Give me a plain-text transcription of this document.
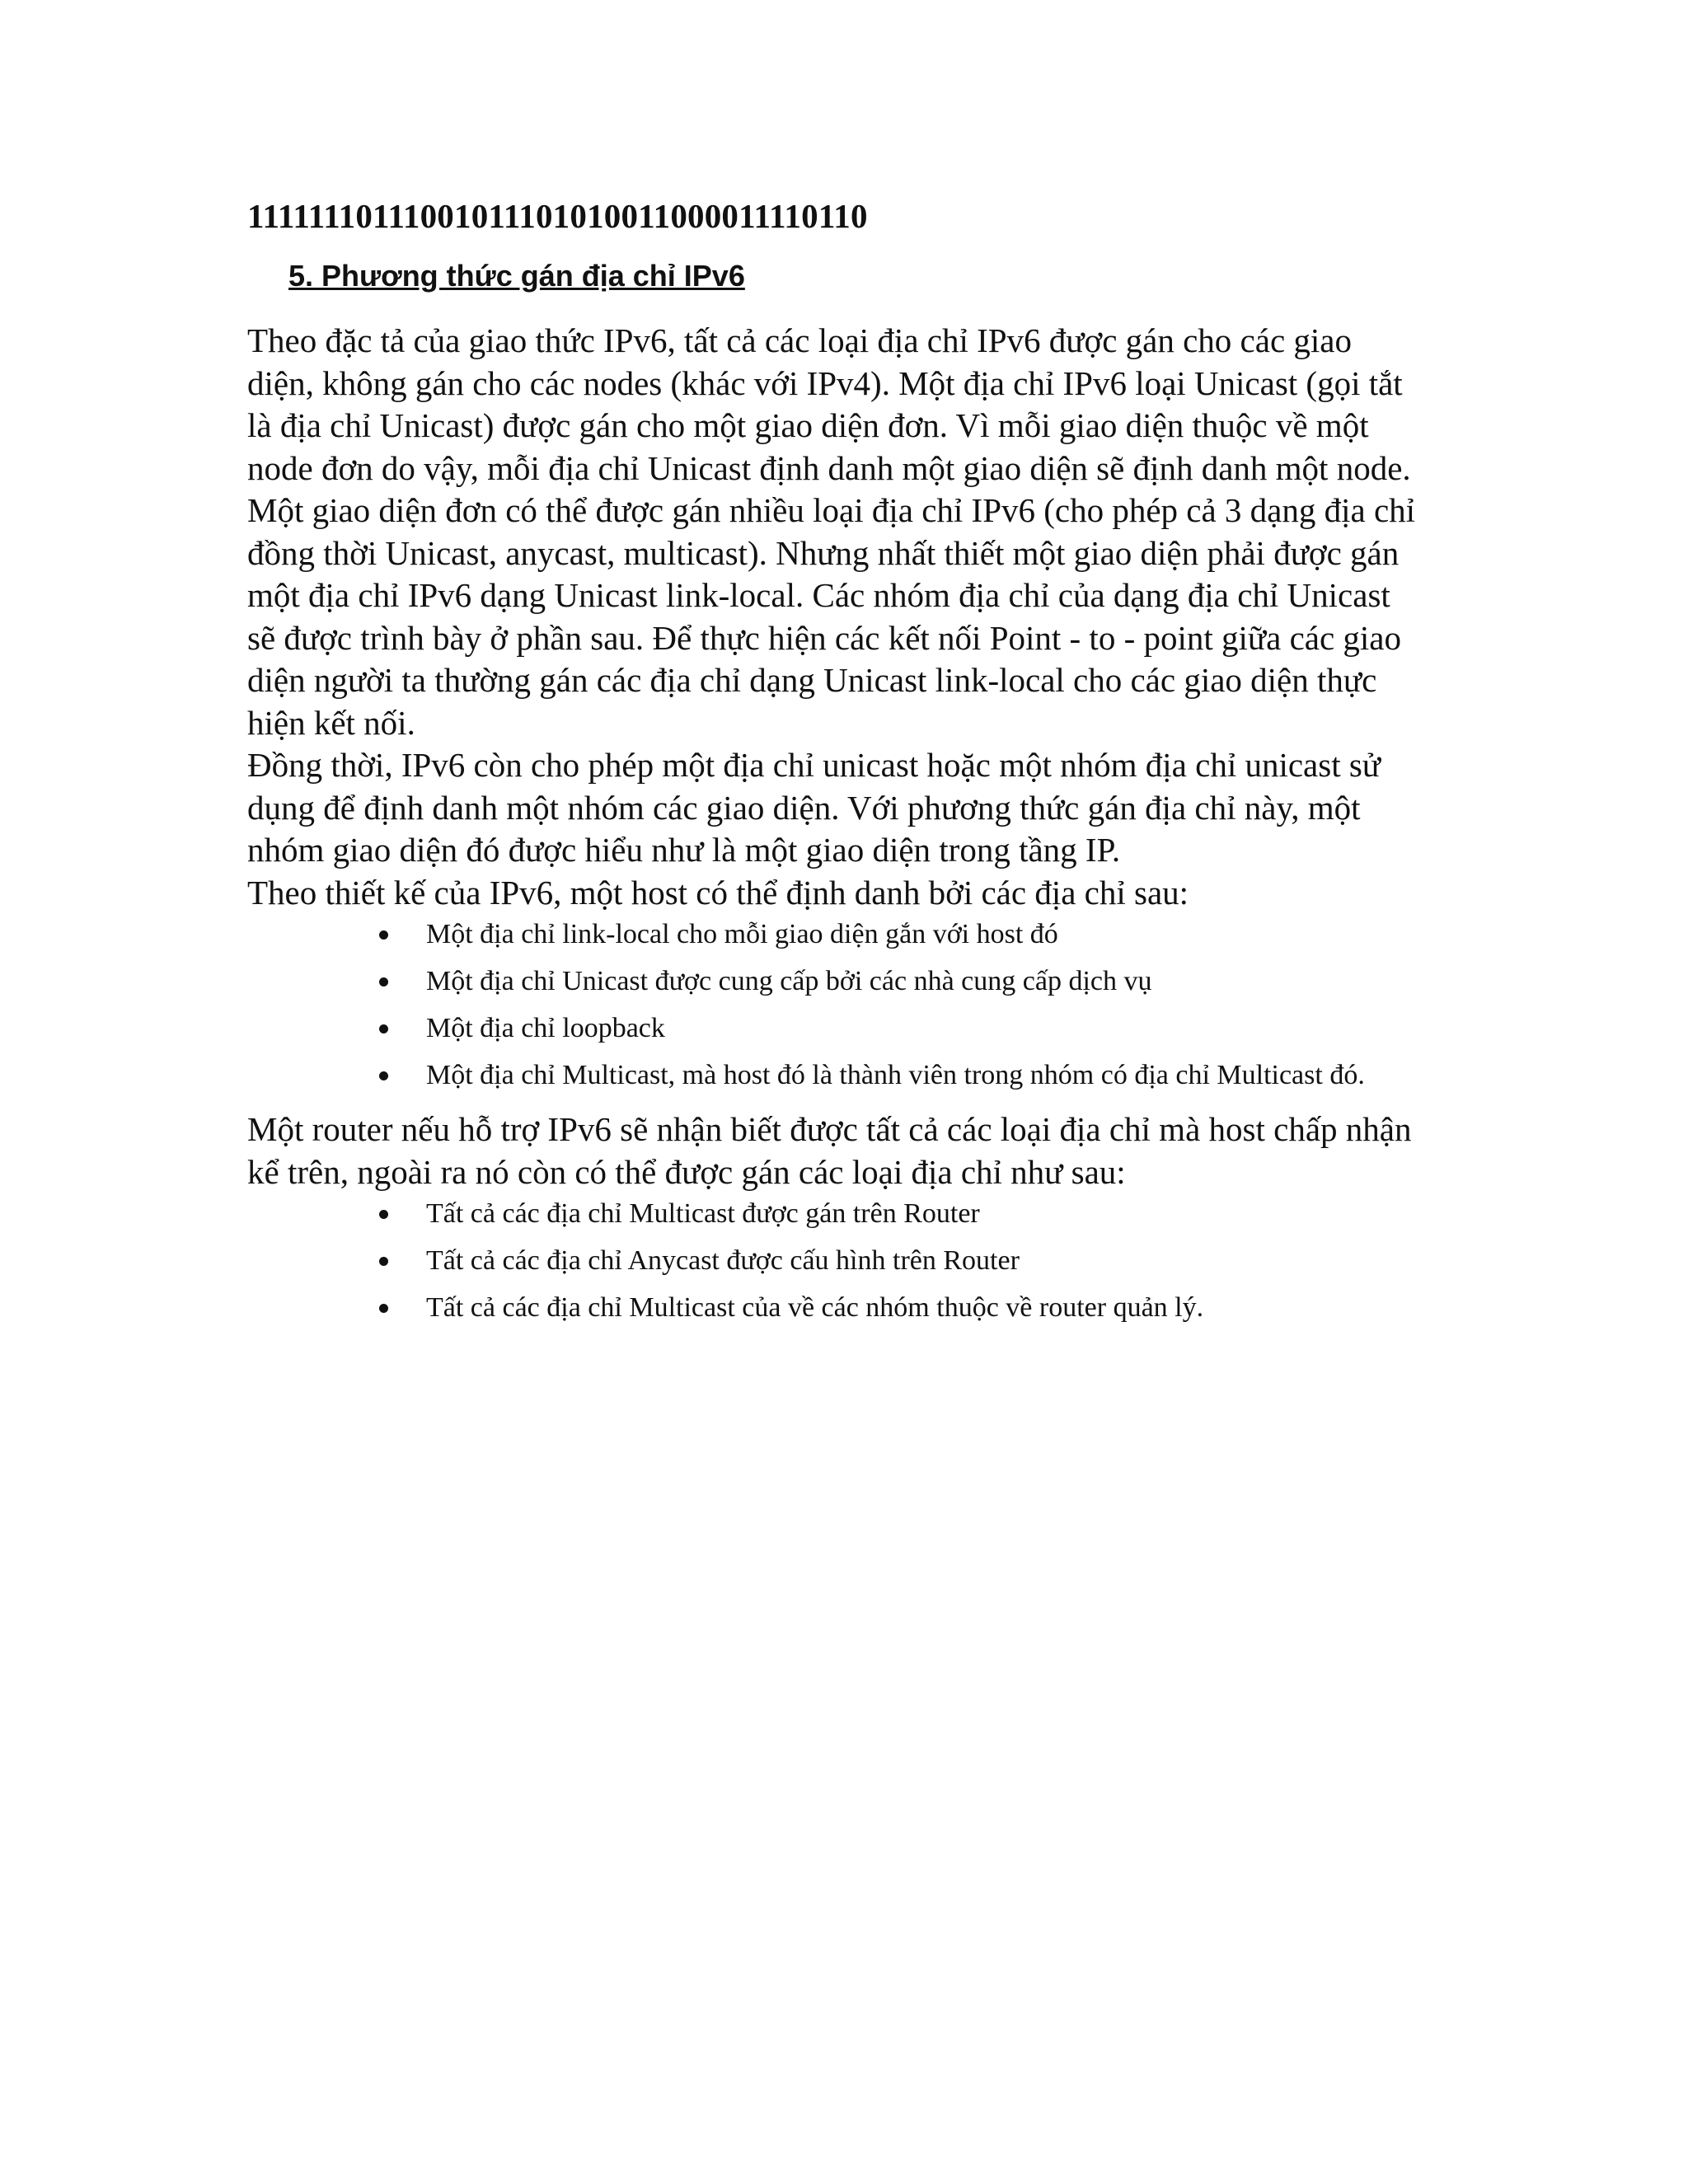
11111110111001011101010011000011110110

5. Phương thức gán địa chỉ IPv6

Theo đặc tả của giao thức IPv6, tất cả các loại địa chỉ IPv6 được gán cho các giao diện, không gán cho các nodes (khác với IPv4). Một địa chỉ IPv6 loại Unicast (gọi tắt là địa chỉ Unicast) được gán cho một giao diện đơn. Vì mỗi giao diện thuộc về một node đơn do vậy, mỗi địa chỉ Unicast định danh một giao diện sẽ định danh một node.

Một giao diện đơn có thể được gán nhiều loại địa chỉ IPv6 (cho phép cả 3 dạng địa chỉ đồng thời Unicast, anycast, multicast). Nhưng nhất thiết một giao diện phải được gán một địa chỉ IPv6 dạng Unicast link-local. Các nhóm địa chỉ của dạng địa chỉ Unicast sẽ được trình bày ở phần sau. Để thực hiện các kết nối Point - to - point giữa các giao diện người ta thường gán các địa chỉ dạng Unicast link-local cho các giao diện thực hiện kết nối.

Đồng thời, IPv6 còn cho phép một địa chỉ unicast hoặc một nhóm địa chỉ unicast sử dụng để định danh một nhóm các giao diện. Với phương thức gán địa chỉ này, một nhóm giao diện đó được hiểu như là một giao diện trong tầng IP.

Theo thiết kế của IPv6, một host có thể định danh bởi các địa chỉ sau:

Một địa chỉ link-local cho mỗi giao diện gắn với host đó
Một địa chỉ Unicast được cung cấp bởi các nhà cung cấp dịch vụ
Một địa chỉ loopback
Một địa chỉ Multicast, mà host đó là thành viên trong nhóm có địa chỉ Multicast đó.

Một router nếu hỗ trợ IPv6 sẽ nhận biết được tất cả các loại địa chỉ mà host chấp nhận kể trên, ngoài ra nó còn có thể được gán các loại địa chỉ như sau:

Tất cả các địa chỉ Multicast được gán trên Router
Tất cả các địa chỉ Anycast được cấu hình trên Router
Tất cả các địa chỉ Multicast của về các nhóm thuộc về router quản lý.
